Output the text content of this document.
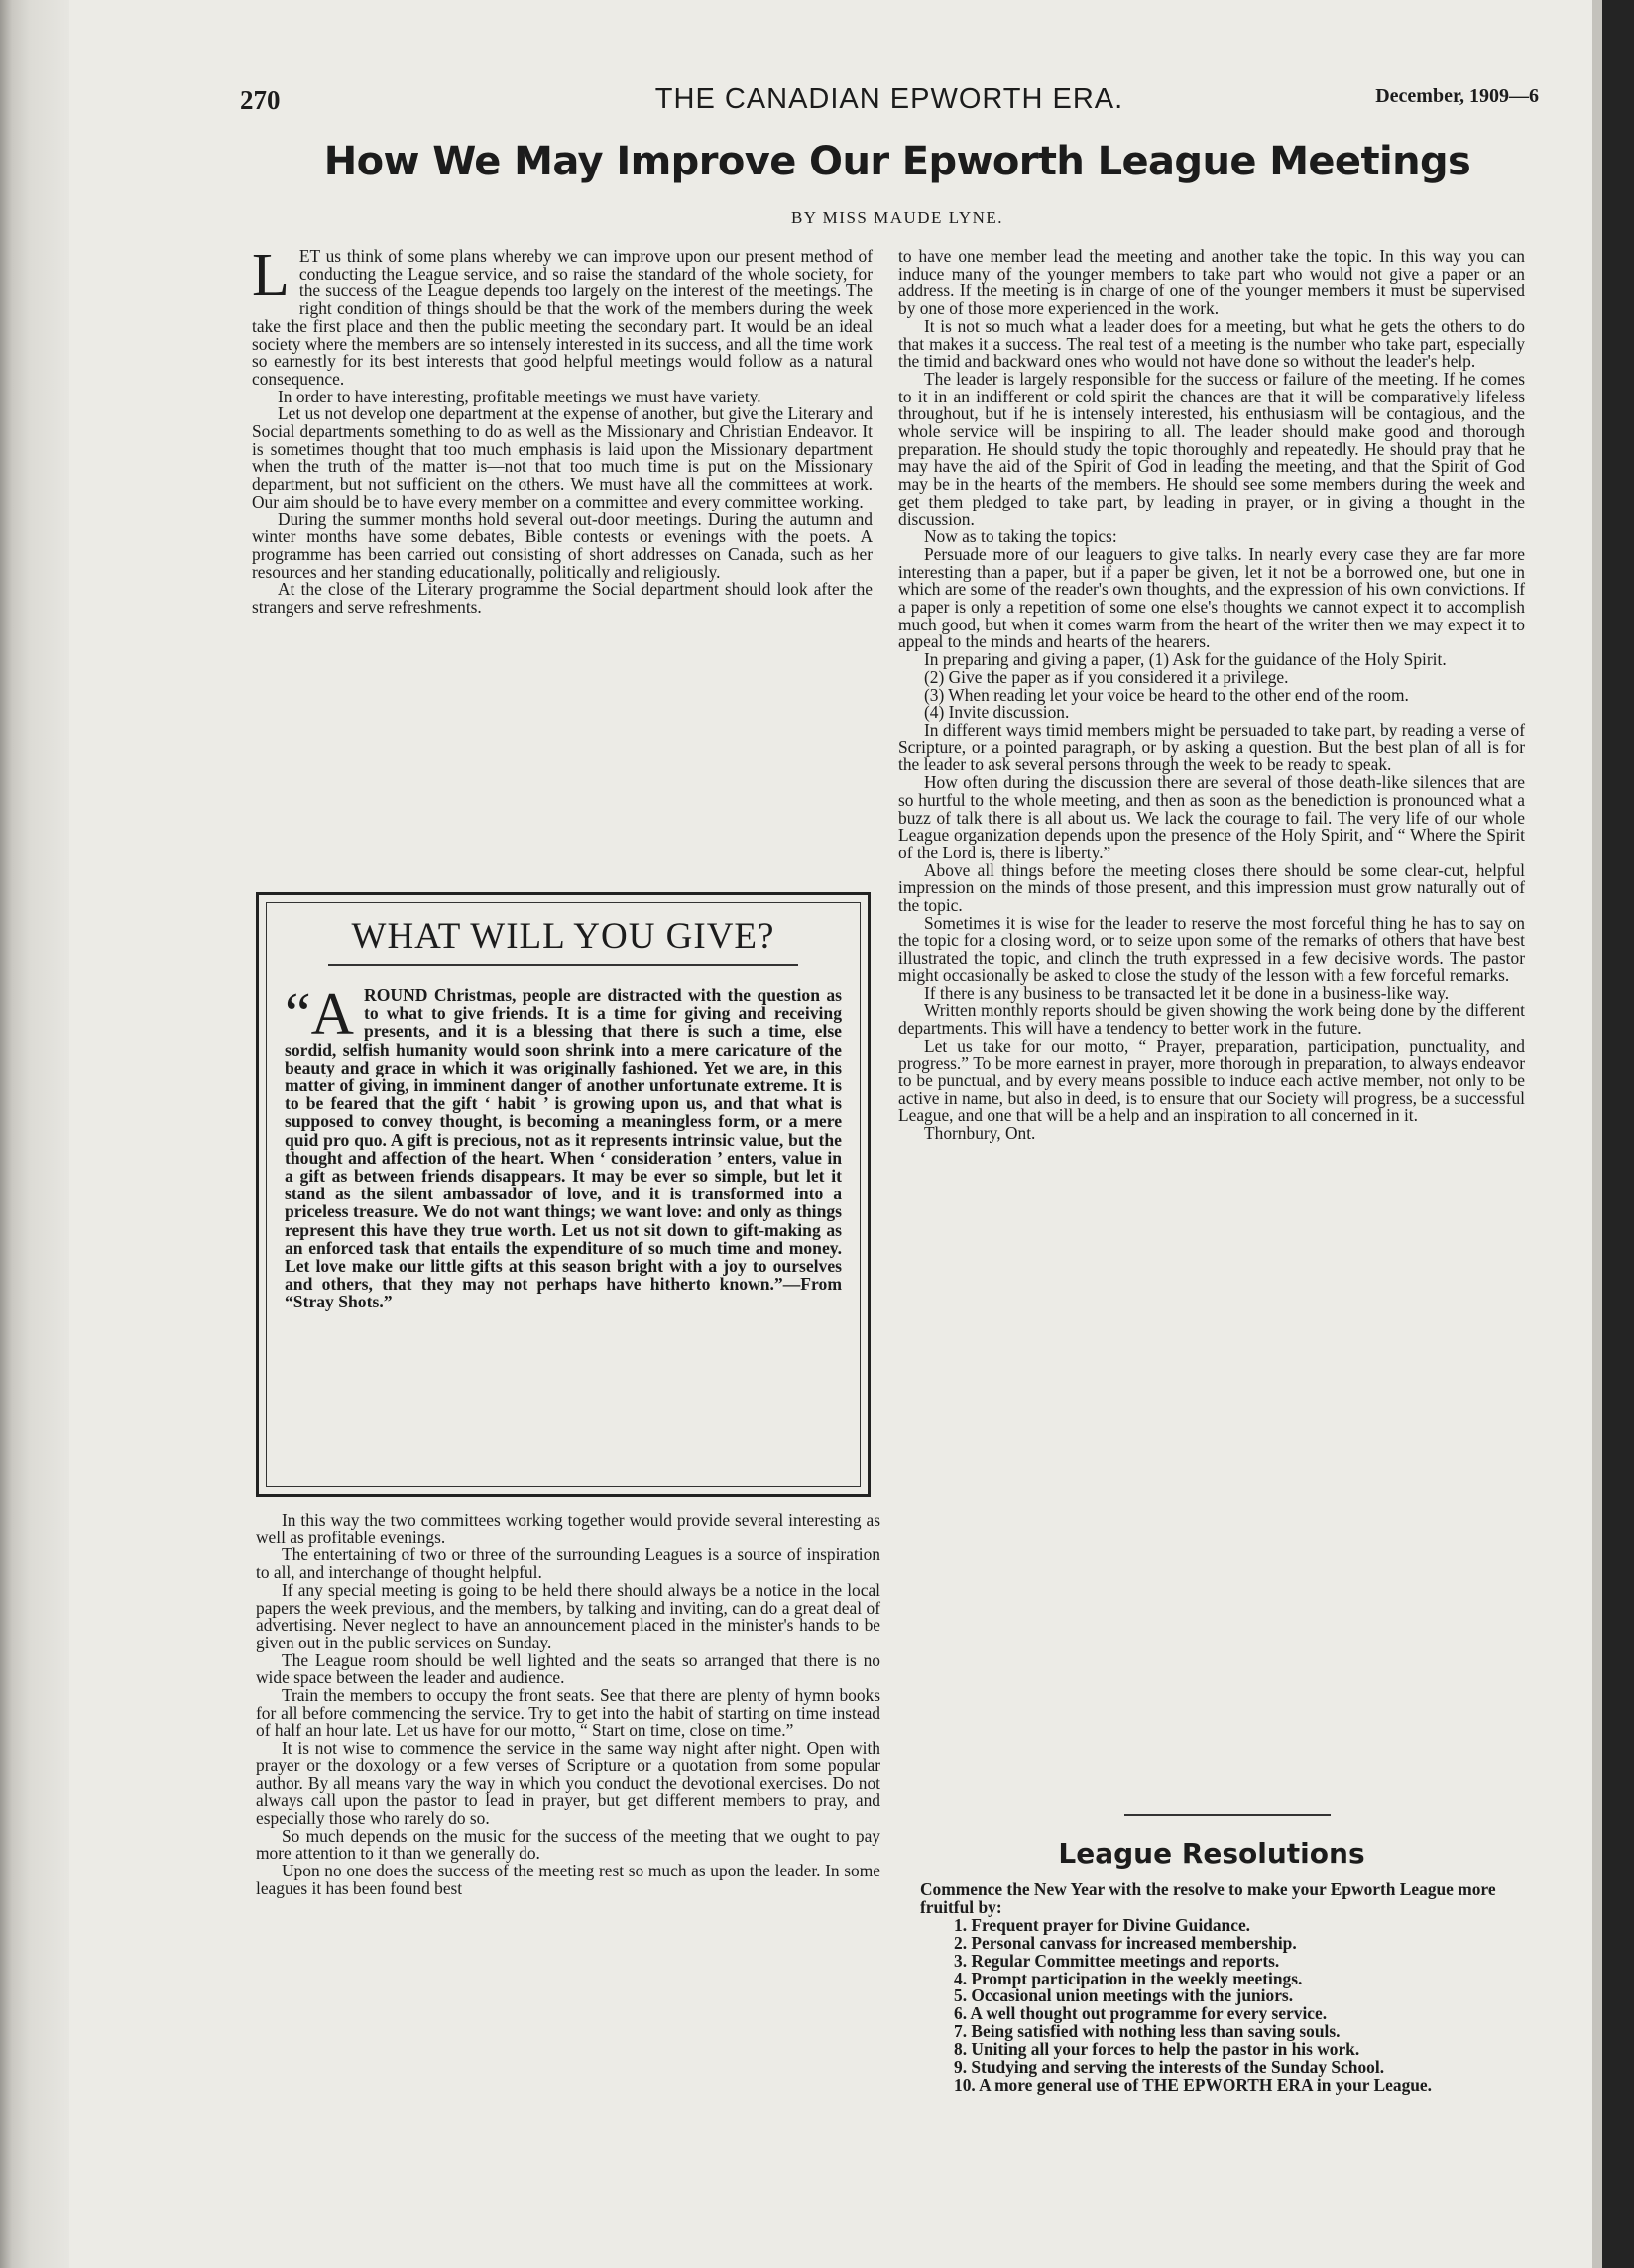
270	THE CANADIAN EPWORTH ERA.	December, 1909—6
How We May Improve Our Epworth League Meetings
BY MISS MAUDE LYNE.

LET us think of some plans whereby we can improve upon our present method of conducting the League service, and so raise the standard of the whole society, for the success of the League depends too largely on the interest of the meetings. The right condition of things should be that the work of the members during the week take the first place and then the public meeting the secondary part. It would be an ideal society where the members are so intensely interested in its success, and all the time work so earnestly for its best interests that good helpful meetings would follow as a natural consequence.

In order to have interesting, profitable meetings we must have variety.

Let us not develop one department at the expense of another, but give the Literary and Social departments something to do as well as the Missionary and Christian Endeavor. It is sometimes thought that too much emphasis is laid upon the Missionary department when the truth of the matter is—not that too much time is put on the Missionary department, but not sufficient on the others. We must have all the committees at work. Our aim should be to have every member on a committee and every committee working.

During the summer months hold several out-door meetings. During the autumn and winter months have some debates, Bible contests or evenings with the poets. A programme has been carried out consisting of short addresses on Canada, such as her resources and her standing educationally, politically and religiously.

At the close of the Literary programme the Social department should look after the strangers and serve refreshments.

WHAT WILL YOU GIVE?
“A ROUND Christmas, people are distracted with the question as to what to give friends. It is a time for giving and receiving presents, and it is a blessing that there is such a time, else sordid, selfish humanity would soon shrink into a mere caricature of the beauty and grace in which it was originally fashioned. Yet we are, in this matter of giving, in imminent danger of another unfortunate extreme. It is to be feared that the gift ‘ habit ’ is growing upon us, and that what is supposed to convey thought, is becoming a meaningless form, or a mere quid pro quo. A gift is precious, not as it represents intrinsic value, but the thought and affection of the heart. When ‘ consideration ’ enters, value in a gift as between friends disappears. It may be ever so simple, but let it stand as the silent ambassador of love, and it is transformed into a priceless treasure. We do not want things; we want love: and only as things represent this have they true worth. Let us not sit down to gift-making as an enforced task that entails the expenditure of so much time and money. Let love make our little gifts at this season bright with a joy to ourselves and others, that they may not perhaps have hitherto known.”—From “Stray Shots.”

In this way the two committees working together would provide several interesting as well as profitable evenings.

The entertaining of two or three of the surrounding Leagues is a source of inspiration to all, and interchange of thought helpful.

If any special meeting is going to be held there should always be a notice in the local papers the week previous, and the members, by talking and inviting, can do a great deal of advertising. Never neglect to have an announcement placed in the minister's hands to be given out in the public services on Sunday.

The League room should be well lighted and the seats so arranged that there is no wide space between the leader and audience.

Train the members to occupy the front seats. See that there are plenty of hymn books for all before commencing the service. Try to get into the habit of starting on time instead of half an hour late. Let us have for our motto, “ Start on time, close on time.”

It is not wise to commence the service in the same way night after night. Open with prayer or the doxology or a few verses of Scripture or a quotation from some popular author. By all means vary the way in which you conduct the devotional exercises. Do not always call upon the pastor to lead in prayer, but get different members to pray, and especially those who rarely do so.

So much depends on the music for the success of the meeting that we ought to pay more attention to it than we generally do.

Upon no one does the success of the meeting rest so much as upon the leader. In some leagues it has been found best

to have one member lead the meeting and another take the topic. In this way you can induce many of the younger members to take part who would not give a paper or an address. If the meeting is in charge of one of the younger members it must be supervised by one of those more experienced in the work.

It is not so much what a leader does for a meeting, but what he gets the others to do that makes it a success. The real test of a meeting is the number who take part, especially the timid and backward ones who would not have done so without the leader's help.

The leader is largely responsible for the success or failure of the meeting. If he comes to it in an indifferent or cold spirit the chances are that it will be comparatively lifeless throughout, but if he is intensely interested, his enthusiasm will be contagious, and the whole service will be inspiring to all. The leader should make good and thorough preparation. He should study the topic thoroughly and repeatedly. He should pray that he may have the aid of the Spirit of God in leading the meeting, and that the Spirit of God may be in the hearts of the members. He should see some members during the week and get them pledged to take part, by leading in prayer, or in giving a thought in the discussion.

Now as to taking the topics:

Persuade more of our leaguers to give talks. In nearly every case they are far more interesting than a paper, but if a paper be given, let it not be a borrowed one, but one in which are some of the reader's own thoughts, and the expression of his own convictions. If a paper is only a repetition of some one else's thoughts we cannot expect it to accomplish much good, but when it comes warm from the heart of the writer then we may expect it to appeal to the minds and hearts of the hearers.

In preparing and giving a paper, (1) Ask for the guidance of the Holy Spirit.

(2) Give the paper as if you considered it a privilege.

(3) When reading let your voice be heard to the other end of the room.

(4) Invite discussion.

In different ways timid members might be persuaded to take part, by reading a verse of Scripture, or a pointed paragraph, or by asking a question. But the best plan of all is for the leader to ask several persons through the week to be ready to speak.

How often during the discussion there are several of those death-like silences that are so hurtful to the whole meeting, and then as soon as the benediction is pronounced what a buzz of talk there is all about us. We lack the courage to fail. The very life of our whole League organization depends upon the presence of the Holy Spirit, and “ Where the Spirit of the Lord is, there is liberty.”

Above all things before the meeting closes there should be some clear-cut, helpful impression on the minds of those present, and this impression must grow naturally out of the topic.

Sometimes it is wise for the leader to reserve the most forceful thing he has to say on the topic for a closing word, or to seize upon some of the remarks of others that have best illustrated the topic, and clinch the truth expressed in a few decisive words. The pastor might occasionally be asked to close the study of the lesson with a few forceful remarks.

If there is any business to be transacted let it be done in a business-like way.

Written monthly reports should be given showing the work being done by the different departments. This will have a tendency to better work in the future.

Let us take for our motto, “ Prayer, preparation, participation, punctuality, and progress.” To be more earnest in prayer, more thorough in preparation, to always endeavor to be punctual, and by every means possible to induce each active member, not only to be active in name, but also in deed, is to ensure that our Society will progress, be a successful League, and one that will be a help and an inspiration to all concerned in it.

Thornbury, Ont.

League Resolutions

Commence the New Year with the resolve to make your Epworth League more fruitful by:

1. Frequent prayer for Divine Guidance.
2. Personal canvass for increased membership.
3. Regular Committee meetings and reports.
4. Prompt participation in the weekly meetings.
5. Occasional union meetings with the juniors.
6. A well thought out programme for every service.
7. Being satisfied with nothing less than saving souls.
8. Uniting all your forces to help the pastor in his work.
9. Studying and serving the interests of the Sunday School.
10. A more general use of THE EPWORTH ERA in your League.
